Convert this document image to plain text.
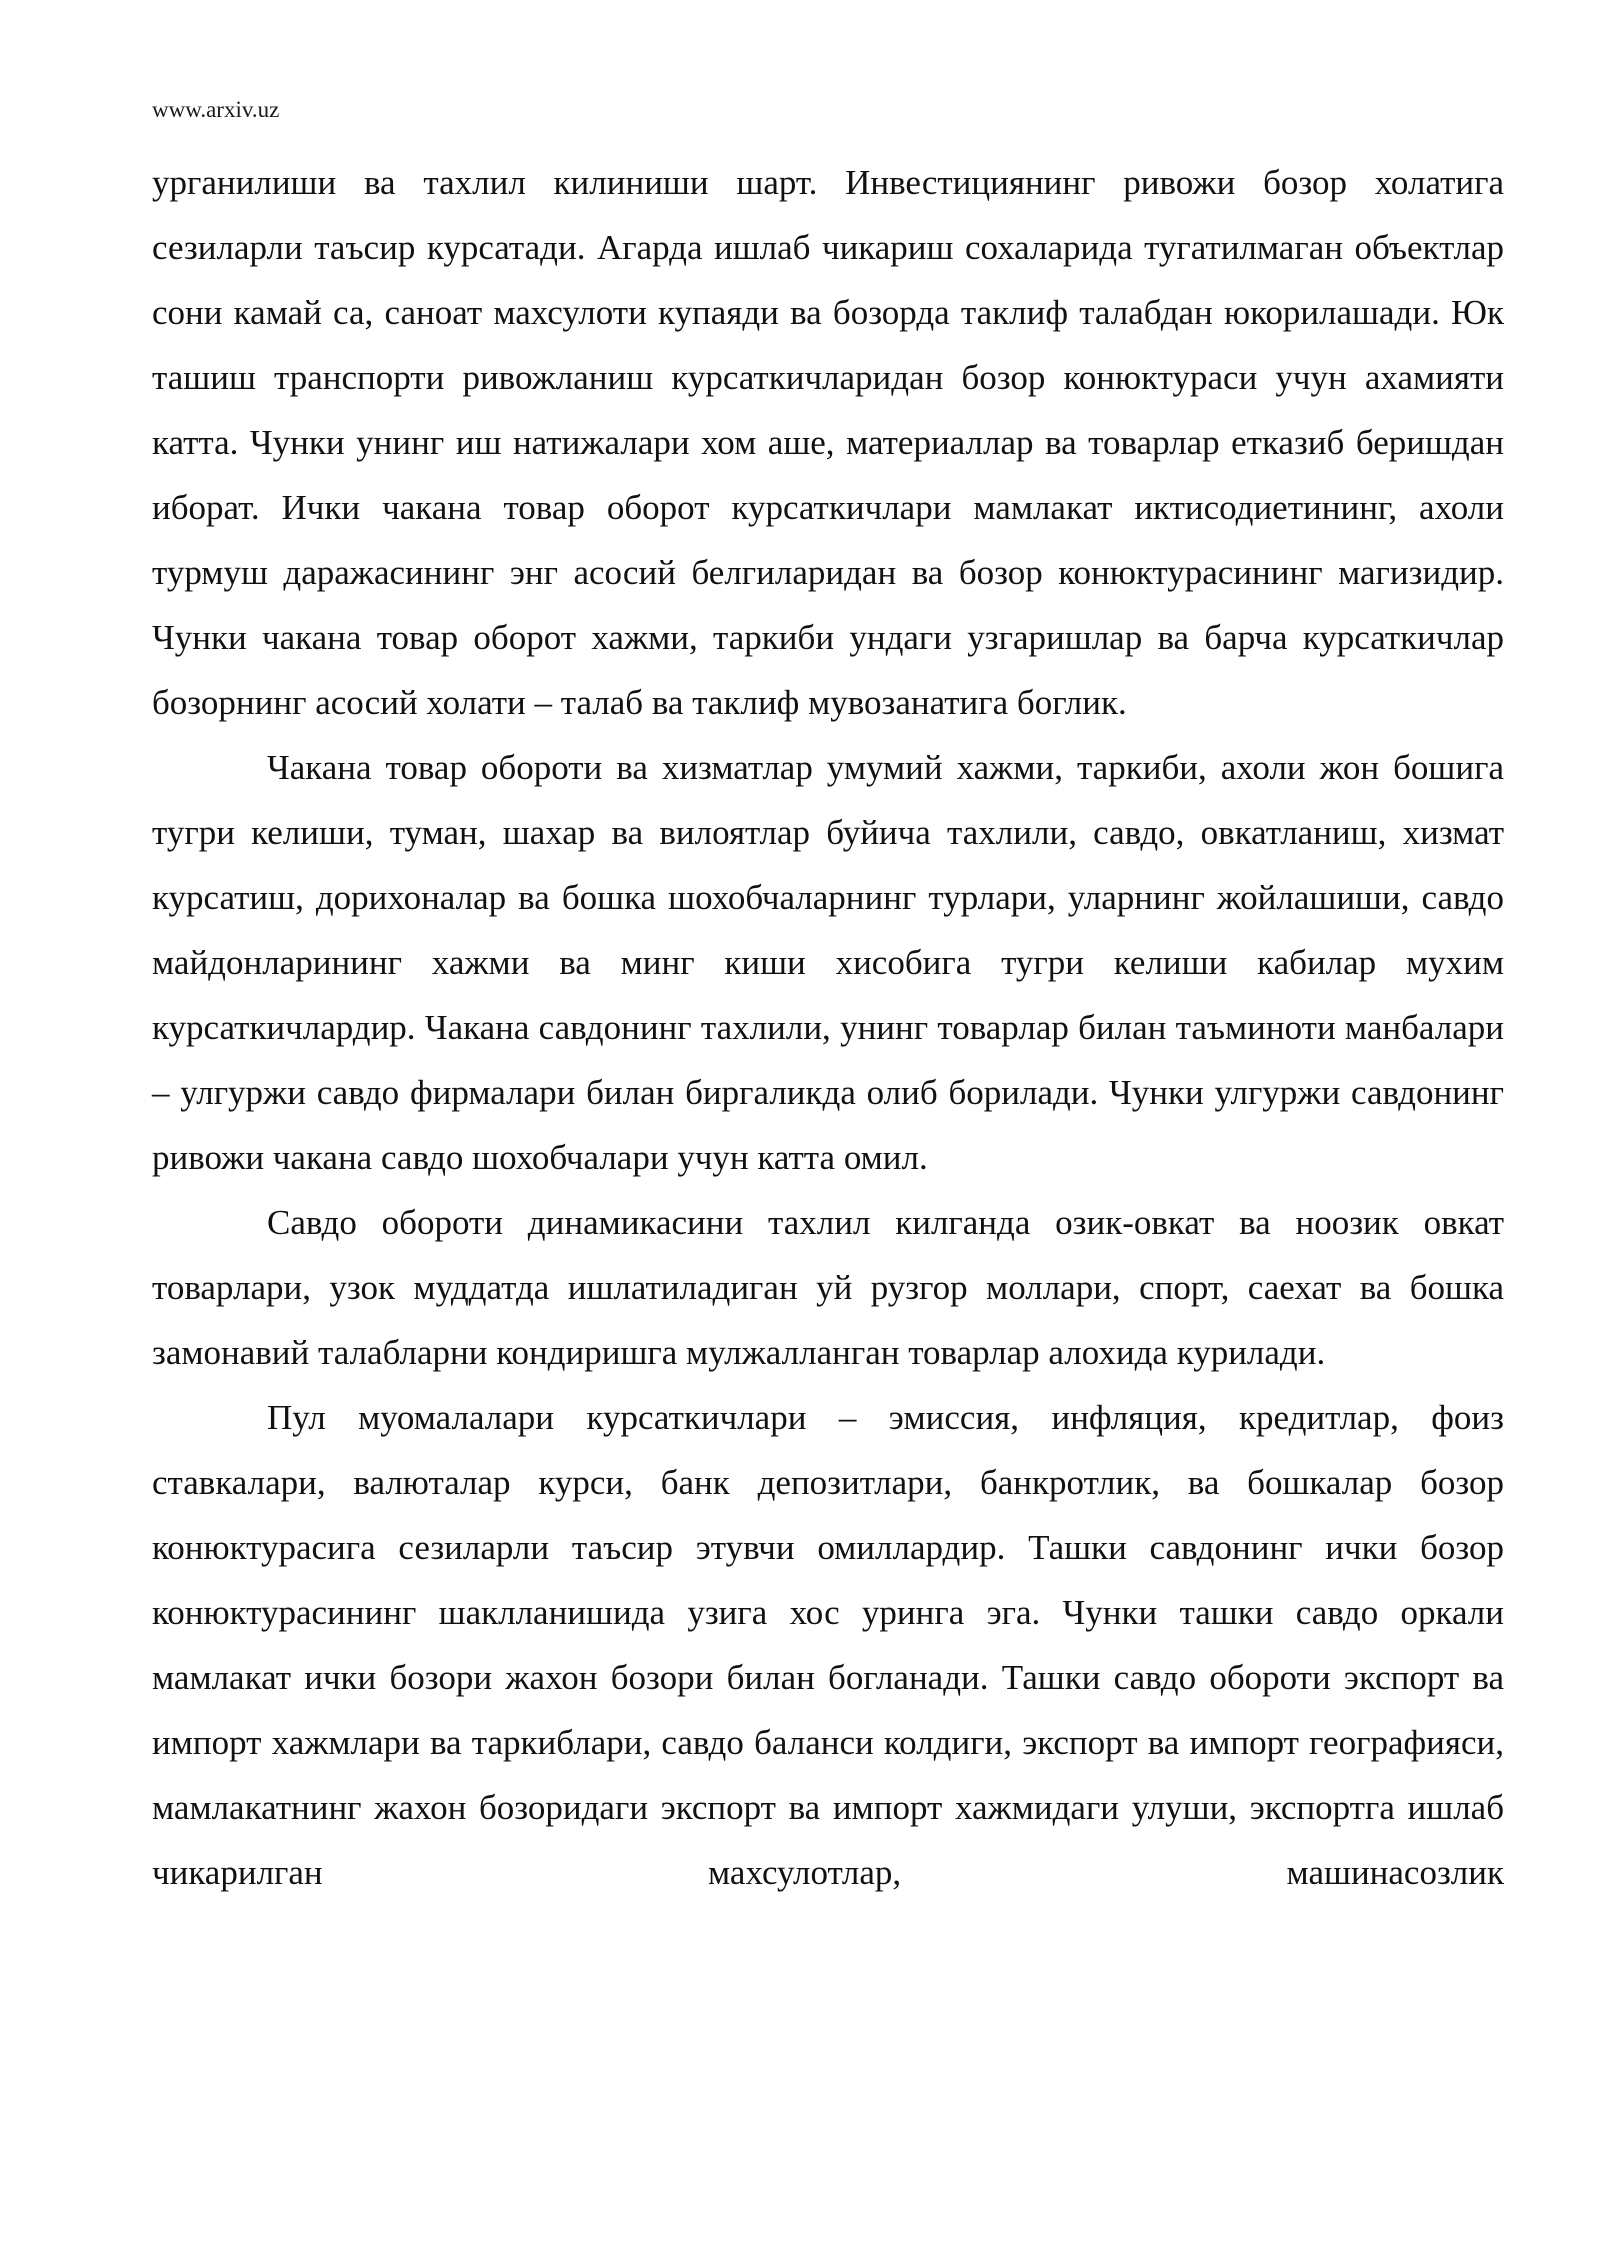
www.arxiv.uz

урганилиши ва тахлил килиниши шарт. Инвестициянинг ривожи бозор холатига сезиларли таъсир курсатади. Агарда ишлаб чикариш сохаларида тугатилмаган объектлар сони камай са, саноат махсулоти купаяди ва бозорда таклиф талабдан юкорилашади. Юк ташиш транспорти ривожланиш курсаткичларидан бозор конюктураси учун ахамияти катта. Чунки унинг иш натижалари хом аше, материаллар ва товарлар етказиб беришдан иборат. Ички чакана товар оборот курсаткичлари мамлакат иктисодиетининг, ахоли турмуш даражасининг энг асосий белгиларидан ва бозор конюктурасининг магизидир. Чунки чакана товар оборот хажми, таркиби ундаги узгаришлар ва барча курсаткичлар бозорнинг асосий холати – талаб ва таклиф мувозанатига боглик.

Чакана товар обороти ва хизматлар умумий хажми, таркиби, ахоли жон бошига тугри келиши, туман, шахар ва вилоятлар буйича тахлили, савдо, овкатланиш, хизмат курсатиш, дорихоналар ва бошка шохобчаларнинг турлари, уларнинг жойлашиши, савдо майдонларининг хажми ва минг киши хисобига тугри келиши кабилар мухим курсаткичлардир. Чакана савдонинг тахлили, унинг товарлар билан таъминоти манбалари – улгуржи савдо фирмалари билан биргаликда олиб борилади. Чунки улгуржи савдонинг ривожи чакана савдо шохобчалари учун катта омил.

Савдо обороти динамикасини тахлил килганда озик-овкат ва ноозик овкат товарлари, узок муддатда ишлатиладиган уй рузгор моллари, спорт, саехат ва бошка замонавий талабларни кондиришга мулжалланган товарлар алохида курилади.

Пул муомалалари курсаткичлари – эмиссия, инфляция, кредитлар, фоиз ставкалари, валюталар курси, банк депозитлари, банкротлик, ва бошкалар бозор конюктурасига сезиларли таъсир этувчи омиллардир. Ташки савдонинг ички бозор конюктурасининг шаклланишида узига хос уринга эга. Чунки ташки савдо оркали мамлакат ички бозори жахон бозори билан богланади. Ташки савдо обороти экспорт ва импорт хажмлари ва таркиблари, савдо баланси колдиги, экспорт ва импорт географияси, мамлакатнинг жахон бозоридаги экспорт ва импорт хажмидаги улуши, экспортга ишлаб чикарилган махсулотлар, машинасозлик
